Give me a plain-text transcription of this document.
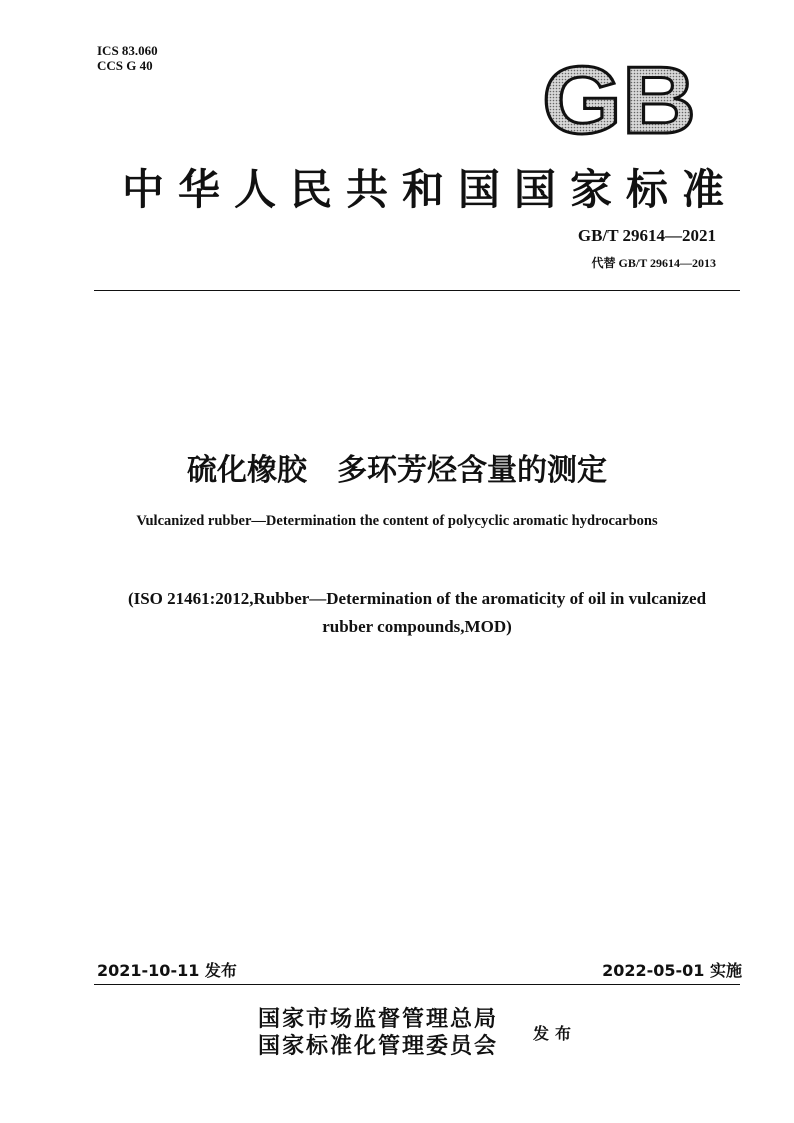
ICS 83.060
CCS G 40	GB
中华人民共和国国家标准
GB/T 29614—2021
代替 GB/T 29614—2013
硫化橡胶　多环芳烃含量的测定
Vulcanized rubber—Determination the content of polycyclic aromatic hydrocarbons
(ISO 21461:2012,Rubber—Determination of the aromaticity of oil in vulcanized
rubber compounds,MOD)
2021-10-11 发布	2022-05-01 实施
国家市场监督管理总局
国家标准化管理委员会 发布
